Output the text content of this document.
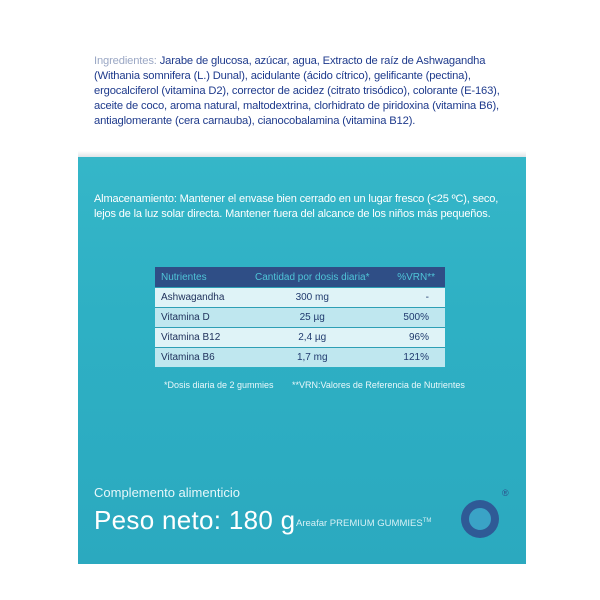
Ingredientes: Jarabe de glucosa, azúcar, agua, Extracto de raíz de Ashwagandha (Withania somnifera (L.) Dunal), acidulante (ácido cítrico), gelificante (pectina), ergocalciferol (vitamina D2), corrector de acidez (citrato trisódico), colorante (E-163), aceite de coco, aroma natural, maltodextrina, clorhidrato de piridoxina (vitamina B6), antiaglomerante (cera carnauba), cianocobalamina (vitamina B12).
Almacenamiento: Mantener el envase bien cerrado en un lugar fresco (<25 ºC), seco, lejos de la luz solar directa. Mantener fuera del alcance de los niños más pequeños.
Nutrientes	Cantidad por dosis diaria*	%VRN**
Ashwagandha	300 mg	-
Vitamina D	25 µg	500%
Vitamina B12	2,4 µg	96%
Vitamina B6	1,7 mg	121%
*Dosis diaria de 2 gummies **VRN:Valores de Referencia de Nutrientes
Complemento alimenticio
Peso neto: 180 g Areafar PREMIUM GUMMIES™
®
